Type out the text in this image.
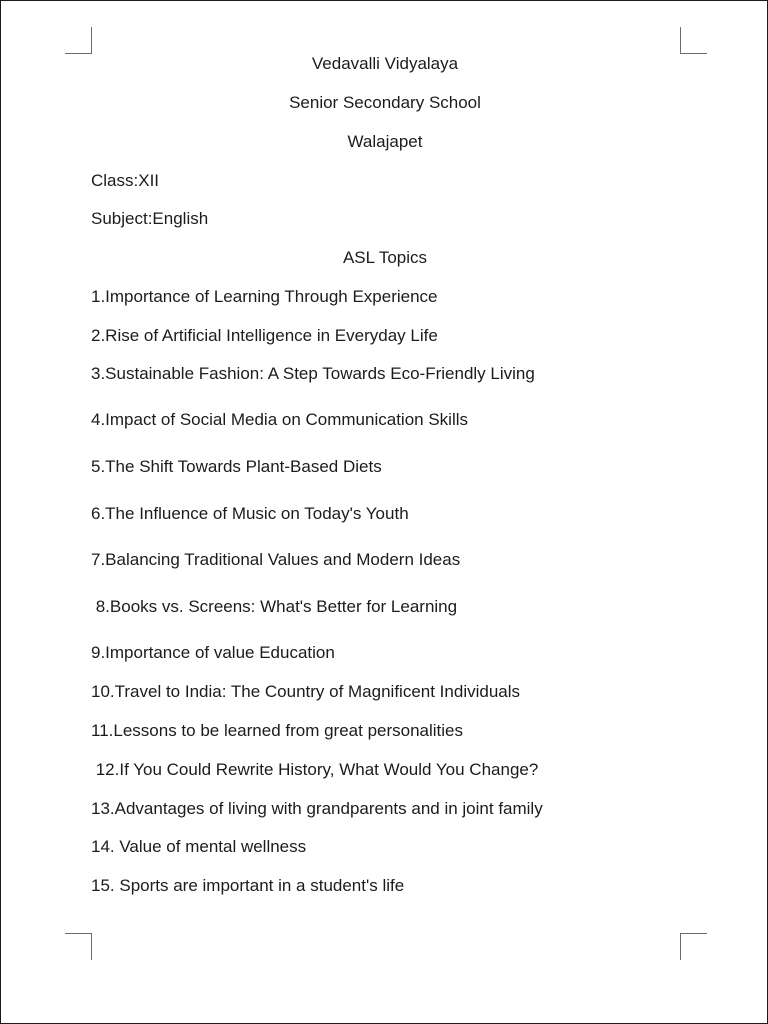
Vedavalli Vidyalaya
Senior Secondary School
Walajapet
Class:XII
Subject:English
ASL Topics
1.Importance of Learning Through Experience
2.Rise of Artificial Intelligence in Everyday Life
3.Sustainable Fashion: A Step Towards Eco-Friendly Living
4.Impact of Social Media on Communication Skills
5.The Shift Towards Plant-Based Diets
6.The Influence of Music on Today's Youth
7.Balancing Traditional Values and Modern Ideas
8.Books vs. Screens: What's Better for Learning
9.Importance of value Education
10.Travel to India: The Country of Magnificent Individuals
11.Lessons to be learned from great personalities
12.If You Could Rewrite History, What Would You Change?
13.Advantages of living with grandparents and in joint family
14. Value of mental wellness
15. Sports are important in a student's life
